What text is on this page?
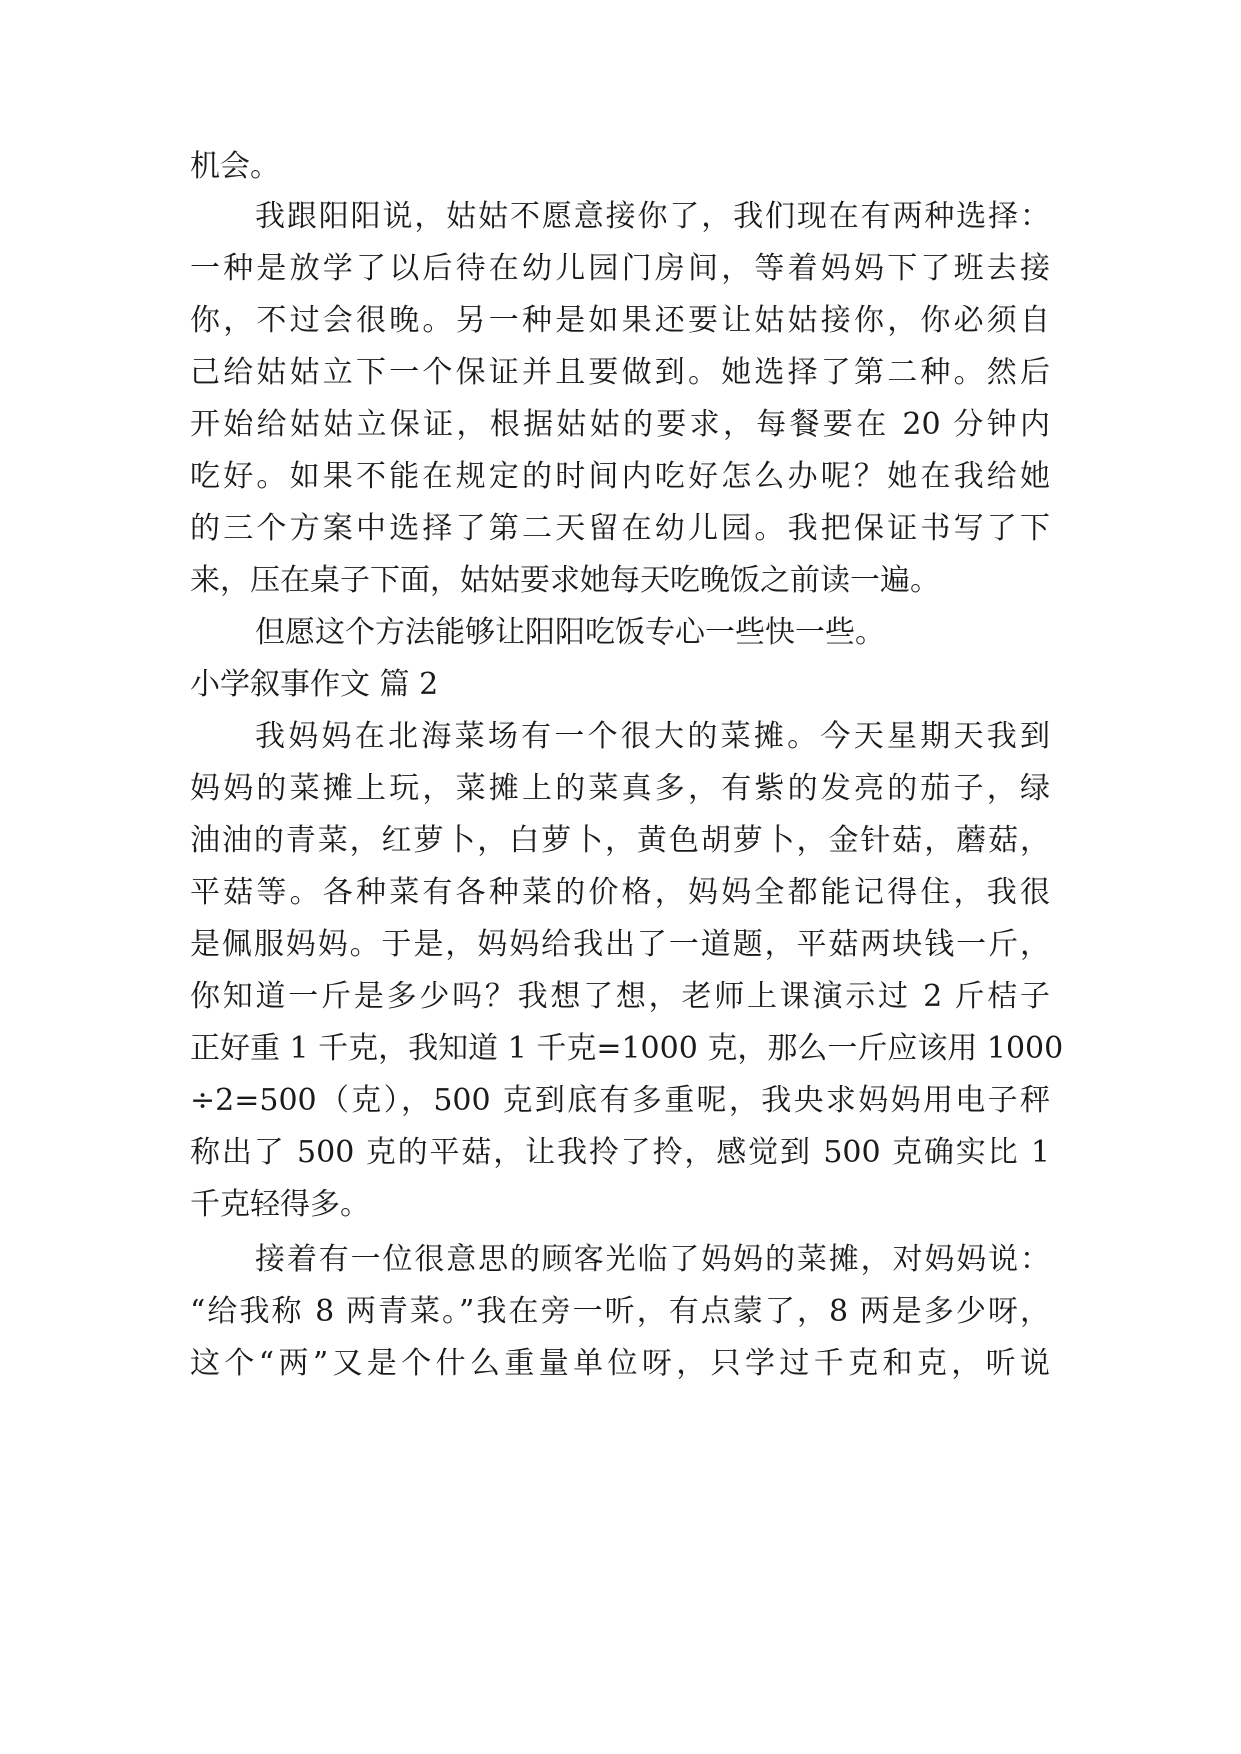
机会。
我跟阳阳说，姑姑不愿意接你了，我们现在有两种选择：
一种是放学了以后待在幼儿园门房间，等着妈妈下了班去接
你，不过会很晚。另一种是如果还要让姑姑接你，你必须自
己给姑姑立下一个保证并且要做到。她选择了第二种。然后
开始给姑姑立保证，根据姑姑的要求，每餐要在 20 分钟内
吃好。如果不能在规定的时间内吃好怎么办呢？她在我给她
的三个方案中选择了第二天留在幼儿园。我把保证书写了下
来，压在桌子下面，姑姑要求她每天吃晚饭之前读一遍。
但愿这个方法能够让阳阳吃饭专心一些快一些。
小学叙事作文 篇 2
我妈妈在北海菜场有一个很大的菜摊。今天星期天我到
妈妈的菜摊上玩，菜摊上的菜真多，有紫的发亮的茄子，绿
油油的青菜，红萝卜，白萝卜，黄色胡萝卜，金针菇，蘑菇，
平菇等。各种菜有各种菜的价格，妈妈全都能记得住，我很
是佩服妈妈。于是，妈妈给我出了一道题，平菇两块钱一斤，
你知道一斤是多少吗？我想了想，老师上课演示过 2 斤桔子
正好重 1 千克，我知道 1 千克=1000 克，那么一斤应该用 1000
÷2=500（克），500 克到底有多重呢，我央求妈妈用电子秤
称出了 500 克的平菇，让我拎了拎，感觉到 500 克确实比 1
千克轻得多。
接着有一位很意思的顾客光临了妈妈的菜摊，对妈妈说：
“给我称 8 两青菜。”我在旁一听，有点蒙了，8 两是多少呀，
这个“两”又是个什么重量单位呀，只学过千克和克，听说
